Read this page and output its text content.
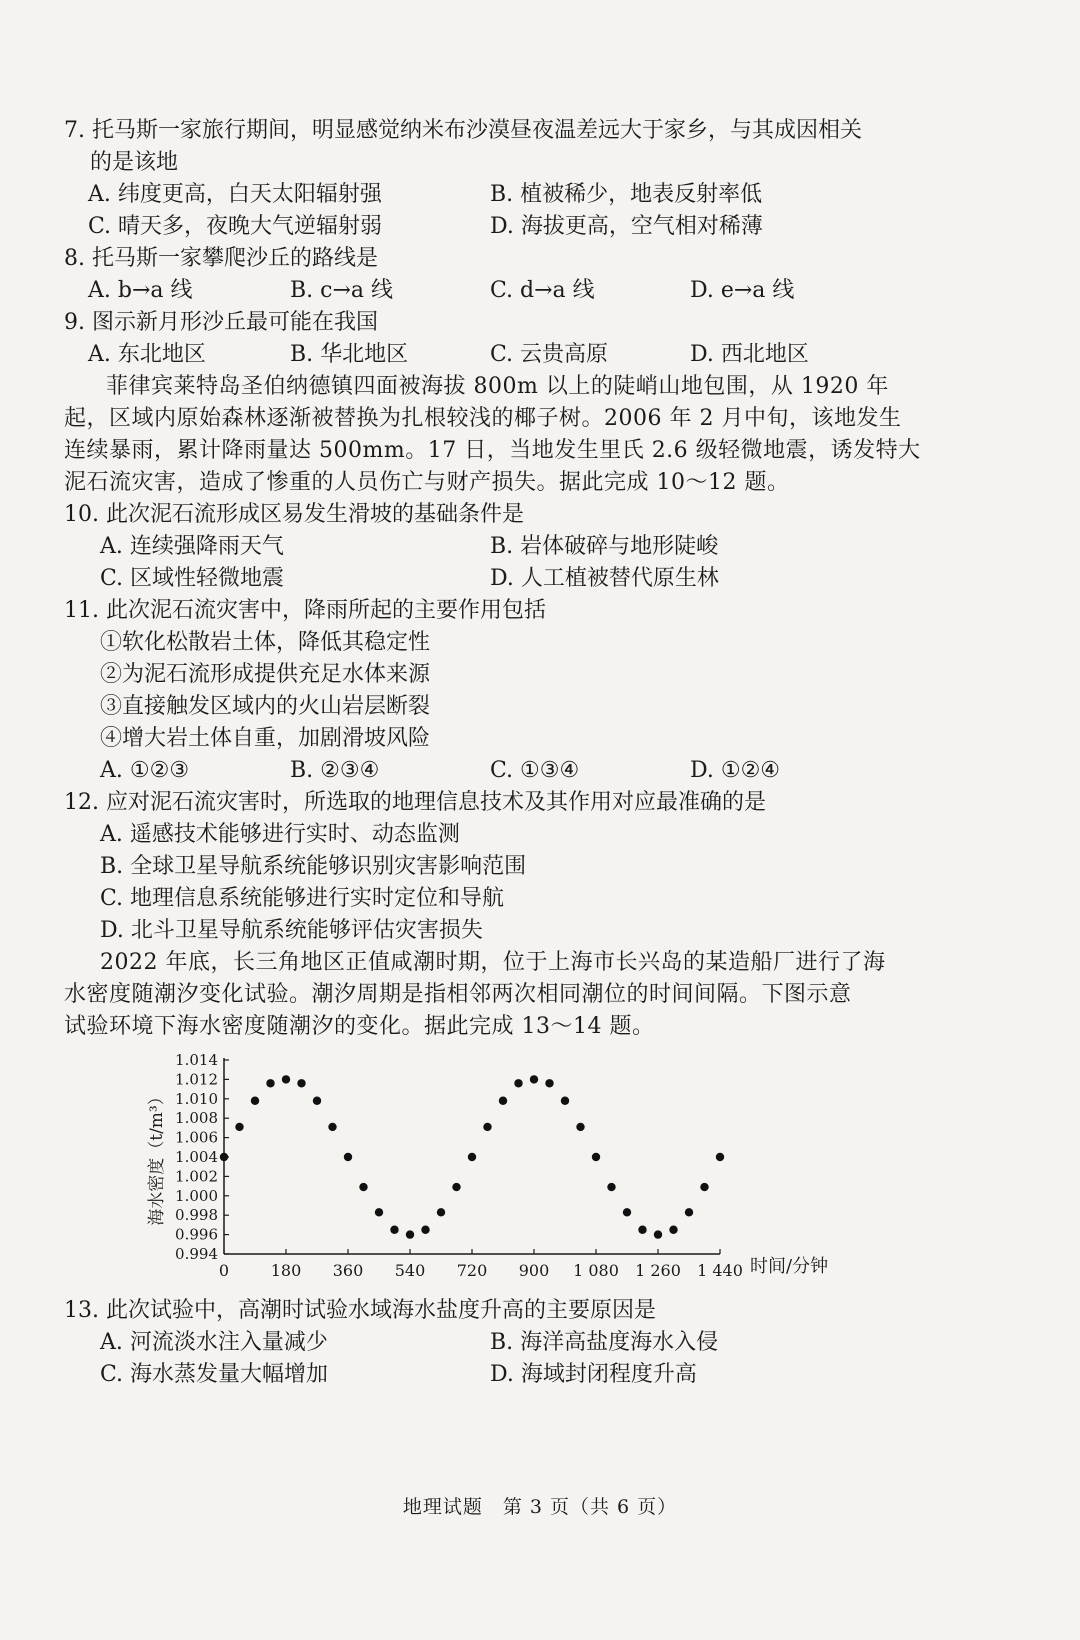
7. 托马斯一家旅行期间，明显感觉纳米布沙漠昼夜温差远大于家乡，与其成因相关
的是该地
A. 纬度更高，白天太阳辐射强	B. 植被稀少，地表反射率低
C. 晴天多，夜晚大气逆辐射弱	D. 海拔更高，空气相对稀薄
8. 托马斯一家攀爬沙丘的路线是
A. b→a 线	B. c→a 线	C. d→a 线	D. e→a 线
9. 图示新月形沙丘最可能在我国
A. 东北地区	B. 华北地区	C. 云贵高原	D. 西北地区
菲律宾莱特岛圣伯纳德镇四面被海拔 800m 以上的陡峭山地包围，从 1920 年
起，区域内原始森林逐渐被替换为扎根较浅的椰子树。2006 年 2 月中旬，该地发生
连续暴雨，累计降雨量达 500mm。17 日，当地发生里氏 2.6 级轻微地震，诱发特大
泥石流灾害，造成了惨重的人员伤亡与财产损失。据此完成 10～12 题。
10. 此次泥石流形成区易发生滑坡的基础条件是
A. 连续强降雨天气	B. 岩体破碎与地形陡峻
C. 区域性轻微地震	D. 人工植被替代原生林
11. 此次泥石流灾害中，降雨所起的主要作用包括
①软化松散岩土体，降低其稳定性
②为泥石流形成提供充足水体来源
③直接触发区域内的火山岩层断裂
④增大岩土体自重，加剧滑坡风险
A. ①②③	B. ②③④	C. ①③④	D. ①②④
12. 应对泥石流灾害时，所选取的地理信息技术及其作用对应最准确的是
A. 遥感技术能够进行实时、动态监测
B. 全球卫星导航系统能够识别灾害影响范围
C. 地理信息系统能够进行实时定位和导航
D. 北斗卫星导航系统能够评估灾害损失
2022 年底，长三角地区正值咸潮时期，位于上海市长兴岛的某造船厂进行了海
水密度随潮汐变化试验。潮汐周期是指相邻两次相同潮位的时间间隔。下图示意
试验环境下海水密度随潮汐的变化。据此完成 13～14 题。
0.994
0.996
0.998
1.000
1.002
1.004
1.006
1.008
1.010
1.012
1.014
0	180 360 540 720 900 1 080 1 260 1 440
海水密度（t/m³）
时间/分钟
13. 此次试验中，高潮时试验水域海水盐度升高的主要原因是
A. 河流淡水注入量减少	B. 海洋高盐度海水入侵
C. 海水蒸发量大幅增加	D. 海域封闭程度升高
地理试题　第 3 页（共 6 页）
